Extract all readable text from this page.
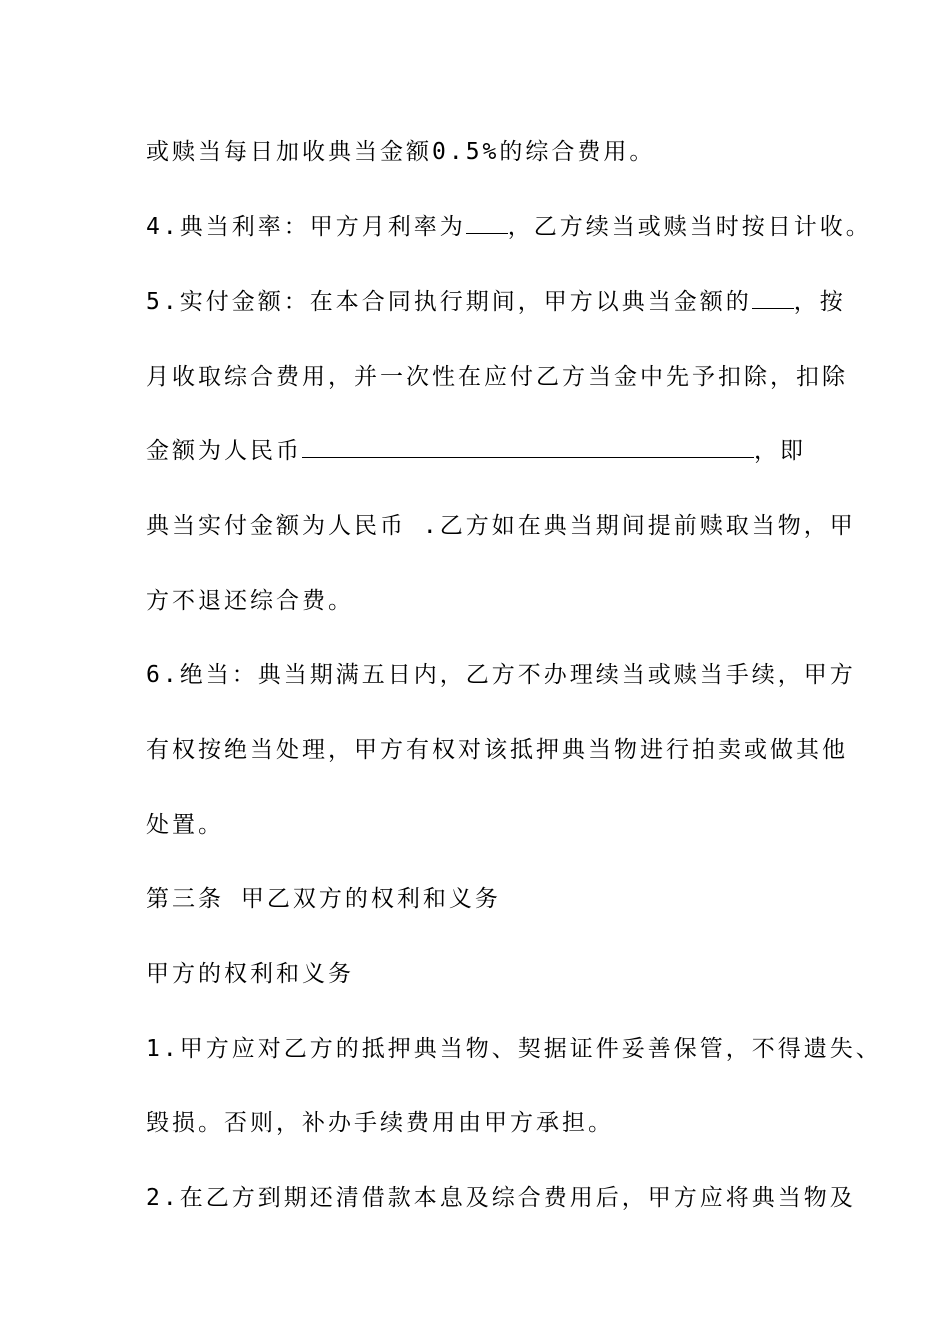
或赎当每日加收典当金额0.5%的综合费用。
4.典当利率：甲方月利率为 ，乙方续当或赎当时按日计收。
5.实付金额：在本合同执行期间，甲方以典当金额的 ，按
月收取综合费用，并一次性在应付乙方当金中先予扣除，扣除
金额为人民币	，即
典当实付金额为人民币 .乙方如在典当期间提前赎取当物，甲
方不退还综合费。
6.绝当：典当期满五日内，乙方不办理续当或赎当手续，甲方
有权按绝当处理，甲方有权对该抵押典当物进行拍卖或做其他
处置。
第三条 甲乙双方的权利和义务
甲方的权利和义务
1.甲方应对乙方的抵押典当物、契据证件妥善保管，不得遗失、
毁损。否则，补办手续费用由甲方承担。
2.在乙方到期还清借款本息及综合费用后，甲方应将典当物及
